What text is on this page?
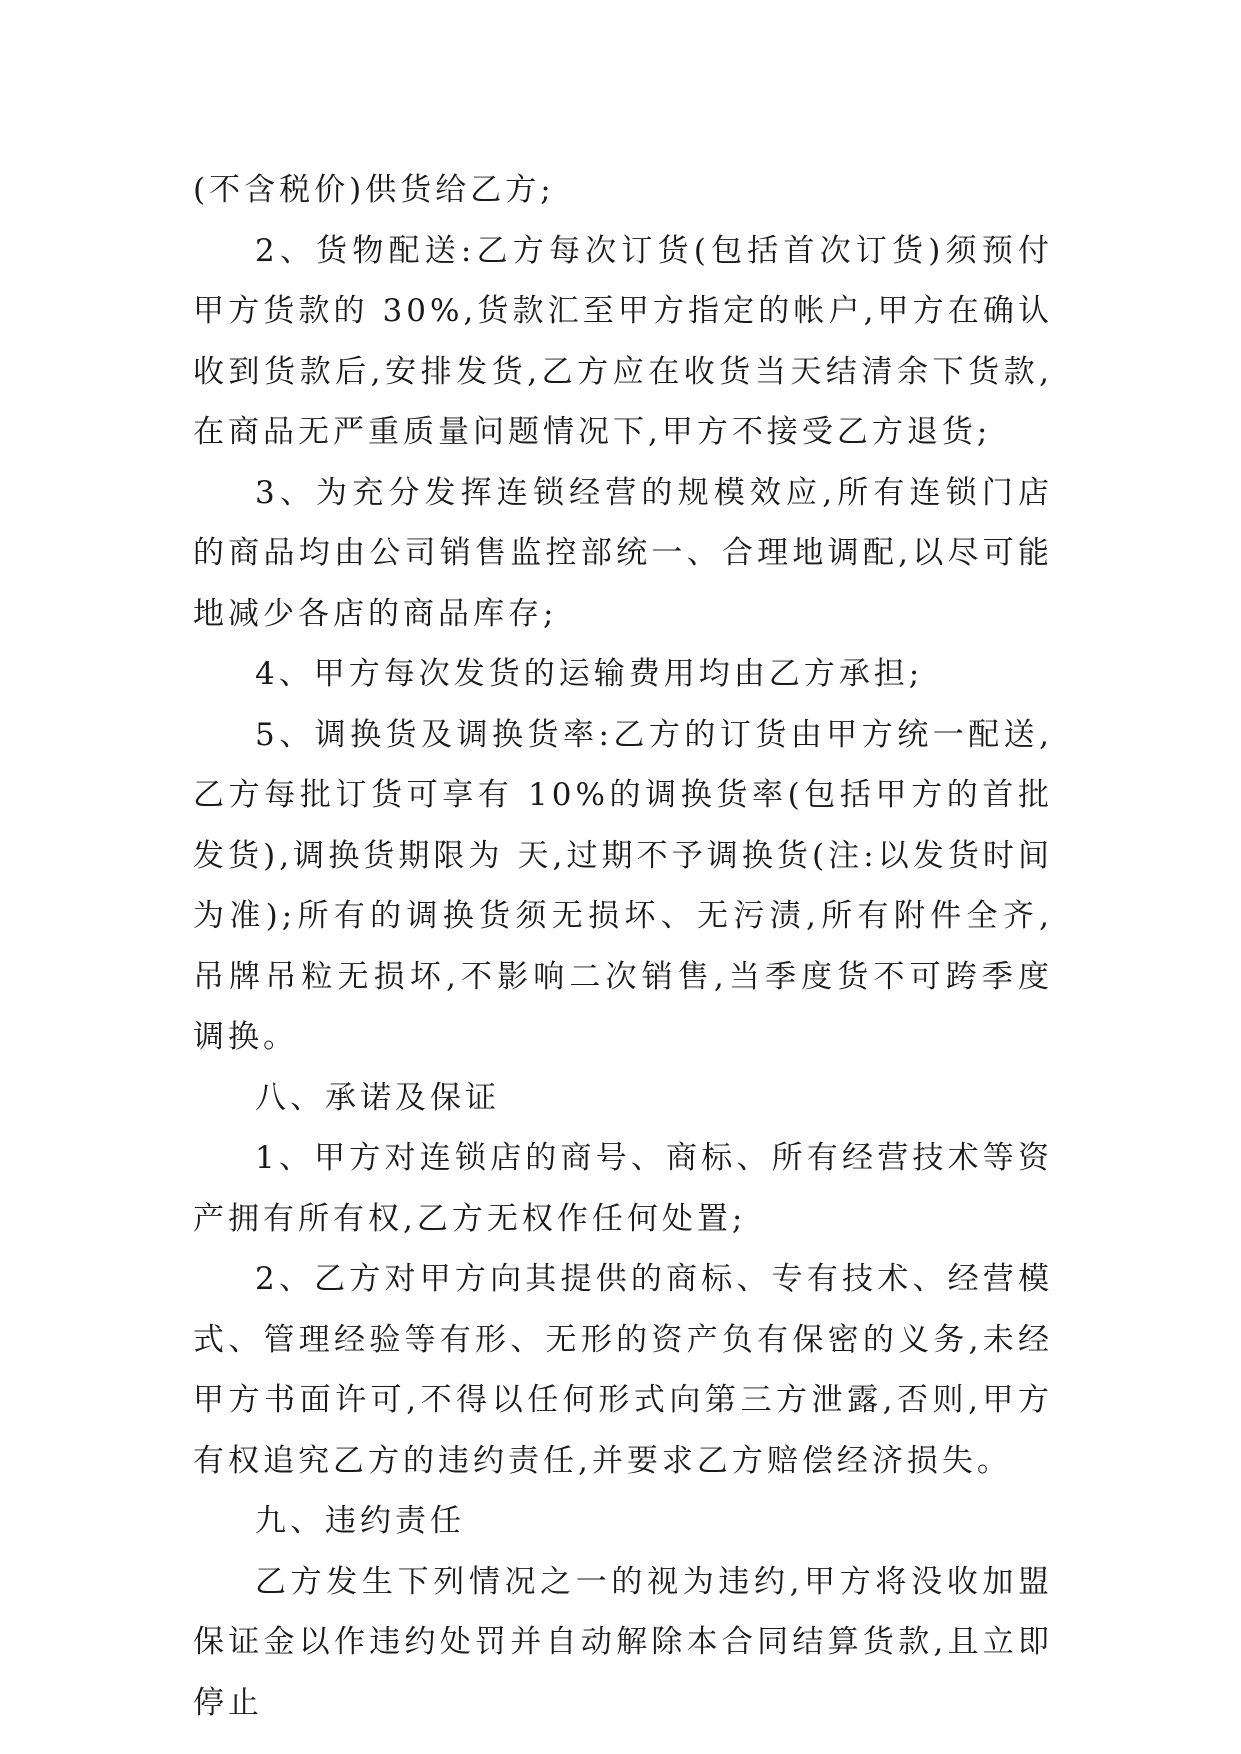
(不含税价)供货给乙方;

2、货物配送:乙方每次订货(包括首次订货)须预付甲方货款的 30%,货款汇至甲方指定的帐户,甲方在确认收到货款后,安排发货,乙方应在收货当天结清余下货款,在商品无严重质量问题情况下,甲方不接受乙方退货;

3、为充分发挥连锁经营的规模效应,所有连锁门店的商品均由公司销售监控部统一、合理地调配,以尽可能地减少各店的商品库存;

4、甲方每次发货的运输费用均由乙方承担;

5、调换货及调换货率:乙方的订货由甲方统一配送,乙方每批订货可享有 10%的调换货率(包括甲方的首批发货),调换货期限为 天,过期不予调换货(注:以发货时间为准);所有的调换货须无损坏、无污渍,所有附件全齐,吊牌吊粒无损坏,不影响二次销售,当季度货不可跨季度调换。

八、承诺及保证

1、甲方对连锁店的商号、商标、所有经营技术等资产拥有所有权,乙方无权作任何处置;

2、乙方对甲方向其提供的商标、专有技术、经营模式、管理经验等有形、无形的资产负有保密的义务,未经甲方书面许可,不得以任何形式向第三方泄露,否则,甲方有权追究乙方的违约责任,并要求乙方赔偿经济损失。

九、违约责任

乙方发生下列情况之一的视为违约,甲方将没收加盟保证金以作违约处罚并自动解除本合同结算货款,且立即停止
